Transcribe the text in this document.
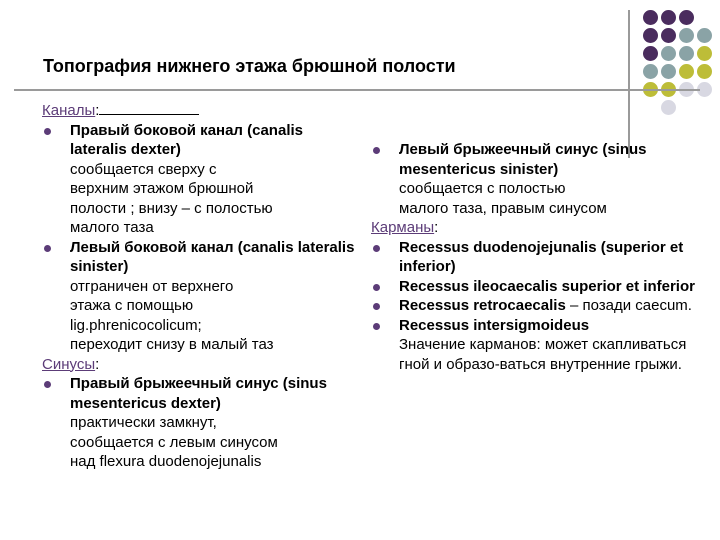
Топография нижнего этажа брюшной полости
Каналы:
Правый боковой канал (canalis lateralis dexter)
сообщается сверху с
верхним этажом брюшной
полости ; внизу – с полостью
малого таза
Левый боковой канал (canalis lateralis sinister)
отграничен от верхнего
этажа с помощью
lig.phrenicocolicum;
переходит снизу в малый таз
Синусы:
Правый брыжеечный синус (sinus mesentericus dexter)
практически замкнут,
сообщается с левым синусом
над flexura duodenojejunalis
Левый брыжеечный синус (sinus mesentericus sinister)
сообщается с полостью
малого таза, правым синусом
Карманы:
Recessus duodenojejunalis (superior et inferior)
Recessus ileocaecalis superior et inferior
Recessus retrocaecalis – позади caecum.
Recessus intersigmoideus
Значение карманов: может скапливаться гной и образо-ваться внутренние грыжи.
